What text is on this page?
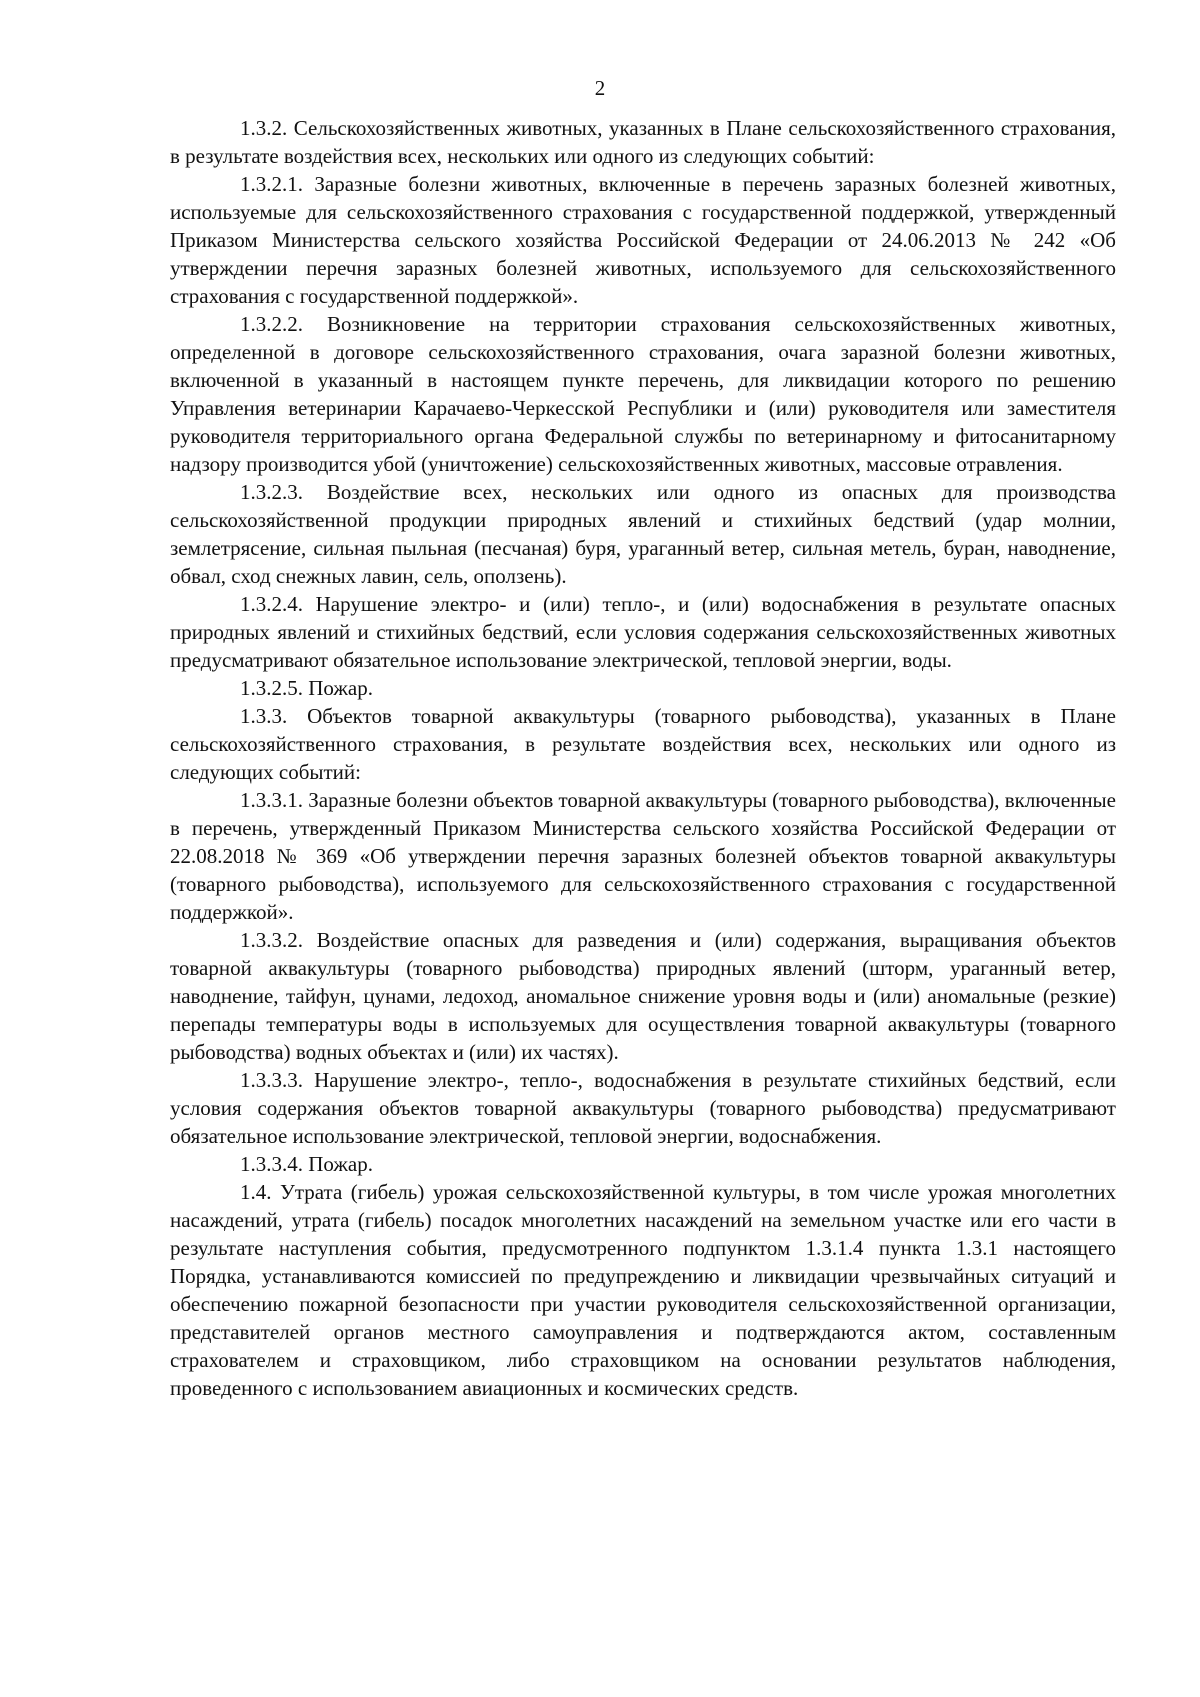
2

1.3.2. Сельскохозяйственных животных, указанных в Плане сельскохозяйственного страхования, в результате воздействия всех, нескольких или одного из следующих событий:

1.3.2.1. Заразные болезни животных, включенные в перечень заразных болезней животных, используемые для сельскохозяйственного страхования с государственной поддержкой, утвержденный Приказом Министерства сельского хозяйства Российской Федерации от 24.06.2013 № 242 «Об утверждении перечня заразных болезней животных, используемого для сельскохозяйственного страхования с государственной поддержкой».

1.3.2.2. Возникновение на территории страхования сельскохозяйственных животных, определенной в договоре сельскохозяйственного страхования, очага заразной болезни животных, включенной в указанный в настоящем пункте перечень, для ликвидации которого по решению Управления ветеринарии Карачаево-Черкесской Республики и (или) руководителя или заместителя руководителя территориального органа Федеральной службы по ветеринарному и фитосанитарному надзору производится убой (уничтожение) сельскохозяйственных животных, массовые отравления.

1.3.2.3. Воздействие всех, нескольких или одного из опасных для производства сельскохозяйственной продукции природных явлений и стихийных бедствий (удар молнии, землетрясение, сильная пыльная (песчаная) буря, ураганный ветер, сильная метель, буран, наводнение, обвал, сход снежных лавин, сель, оползень).

1.3.2.4. Нарушение электро- и (или) тепло-, и (или) водоснабжения в результате опасных природных явлений и стихийных бедствий, если условия содержания сельскохозяйственных животных предусматривают обязательное использование электрической, тепловой энергии, воды.

1.3.2.5. Пожар.

1.3.3. Объектов товарной аквакультуры (товарного рыбоводства), указанных в Плане сельскохозяйственного страхования, в результате воздействия всех, нескольких или одного из следующих событий:

1.3.3.1. Заразные болезни объектов товарной аквакультуры (товарного рыбоводства), включенные в перечень, утвержденный Приказом Министерства сельского хозяйства Российской Федерации от 22.08.2018 № 369 «Об утверждении перечня заразных болезней объектов товарной аквакультуры (товарного рыбоводства), используемого для сельскохозяйственного страхования с государственной поддержкой».

1.3.3.2. Воздействие опасных для разведения и (или) содержания, выращивания объектов товарной аквакультуры (товарного рыбоводства) природных явлений (шторм, ураганный ветер, наводнение, тайфун, цунами, ледоход, аномальное снижение уровня воды и (или) аномальные (резкие) перепады температуры воды в используемых для осуществления товарной аквакультуры (товарного рыбоводства) водных объектах и (или) их частях).

1.3.3.3. Нарушение электро-, тепло-, водоснабжения в результате стихийных бедствий, если условия содержания объектов товарной аквакультуры (товарного рыбоводства) предусматривают обязательное использование электрической, тепловой энергии, водоснабжения.

1.3.3.4. Пожар.

1.4. Утрата (гибель) урожая сельскохозяйственной культуры, в том числе урожая многолетних насаждений, утрата (гибель) посадок многолетних насаждений на земельном участке или его части в результате наступления события, предусмотренного подпунктом 1.3.1.4 пункта 1.3.1 настоящего Порядка, устанавливаются комиссией по предупреждению и ликвидации чрезвычайных ситуаций и обеспечению пожарной безопасности при участии руководителя сельскохозяйственной организации, представителей органов местного самоуправления и подтверждаются актом, составленным страхователем и страховщиком, либо страховщиком на основании результатов наблюдения, проведенного с использованием авиационных и космических средств.
